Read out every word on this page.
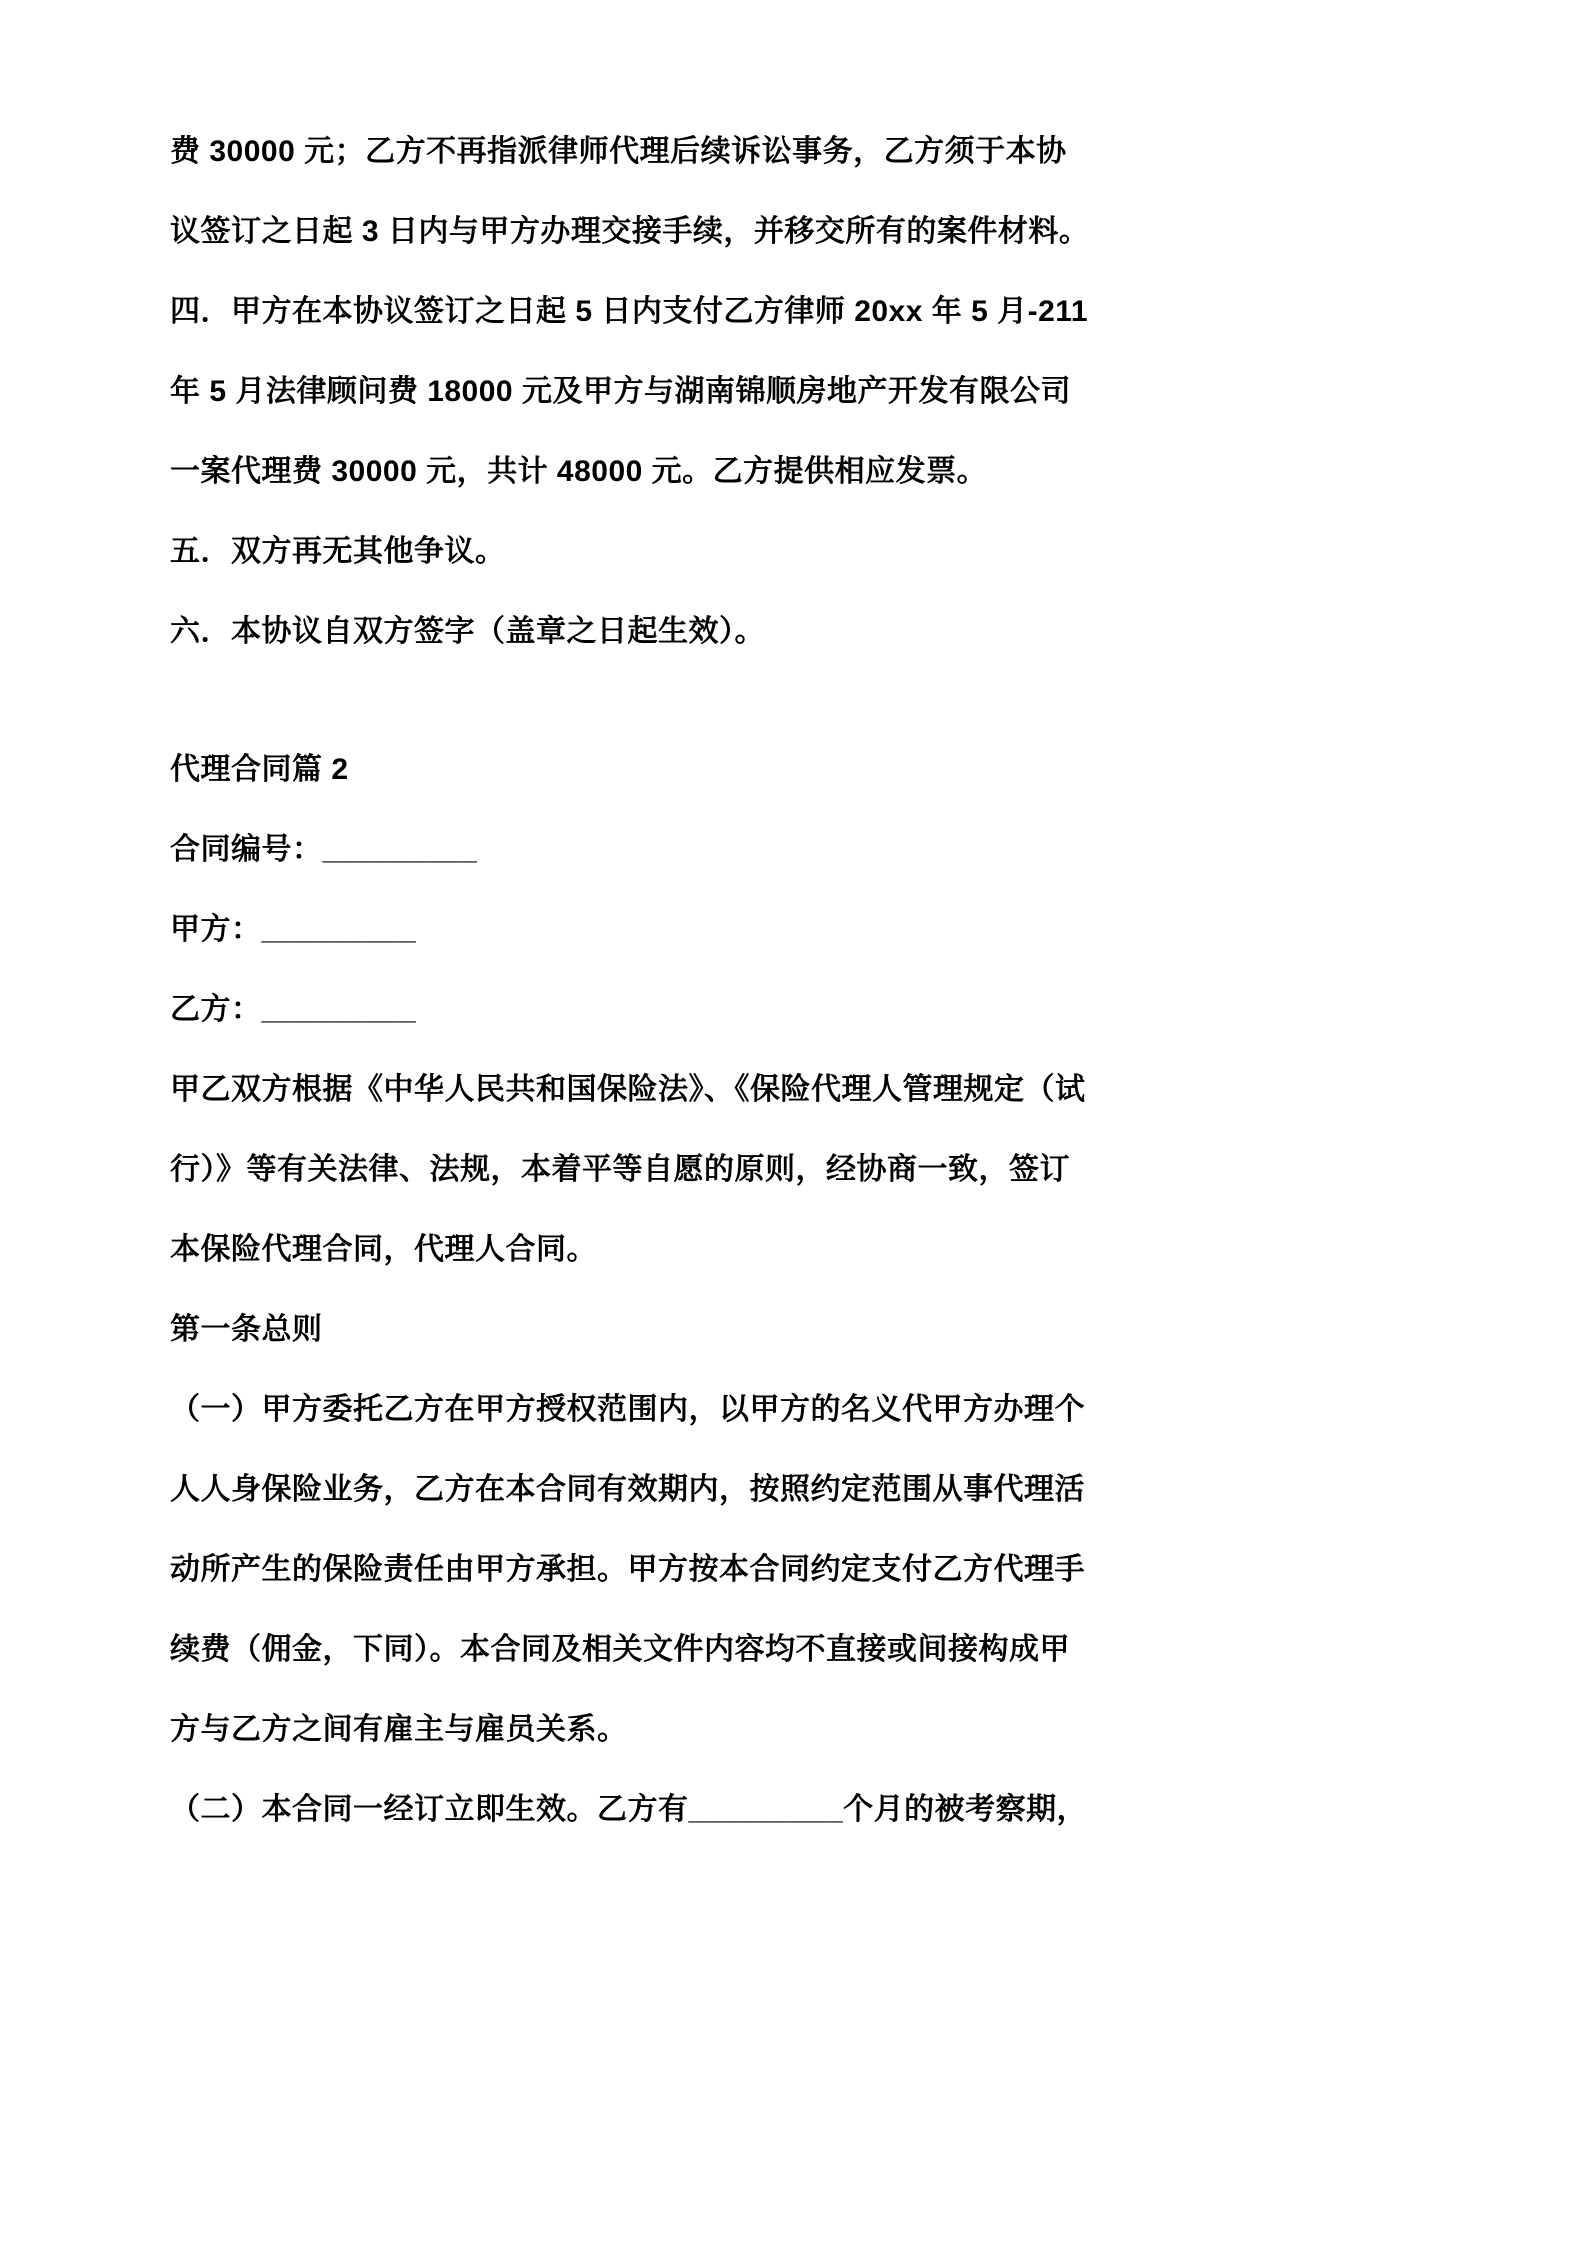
费 30000 元；乙方不再指派律师代理后续诉讼事务，乙方须于本协
议签订之日起 3 日内与甲方办理交接手续，并移交所有的案件材料。
四．甲方在本协议签订之日起 5 日内支付乙方律师 20xx 年 5 月-211
年 5 月法律顾问费 18000 元及甲方与湖南锦顺房地产开发有限公司
一案代理费 30000 元，共计 48000 元。乙方提供相应发票。
五．双方再无其他争议。
六．本协议自双方签字（盖章之日起生效）。
代理合同篇 2
合同编号：_________
甲方：_________
乙方：_________
甲乙双方根据《中华人民共和国保险法》、《保险代理人管理规定（试
行）》等有关法律、法规，本着平等自愿的原则，经协商一致，签订
本保险代理合同，代理人合同。
第一条总则
（一）甲方委托乙方在甲方授权范围内，以甲方的名义代甲方办理个
人人身保险业务，乙方在本合同有效期内，按照约定范围从事代理活
动所产生的保险责任由甲方承担。甲方按本合同约定支付乙方代理手
续费（佣金，下同）。本合同及相关文件内容均不直接或间接构成甲
方与乙方之间有雇主与雇员关系。
（二）本合同一经订立即生效。乙方有_________个月的被考察期，
